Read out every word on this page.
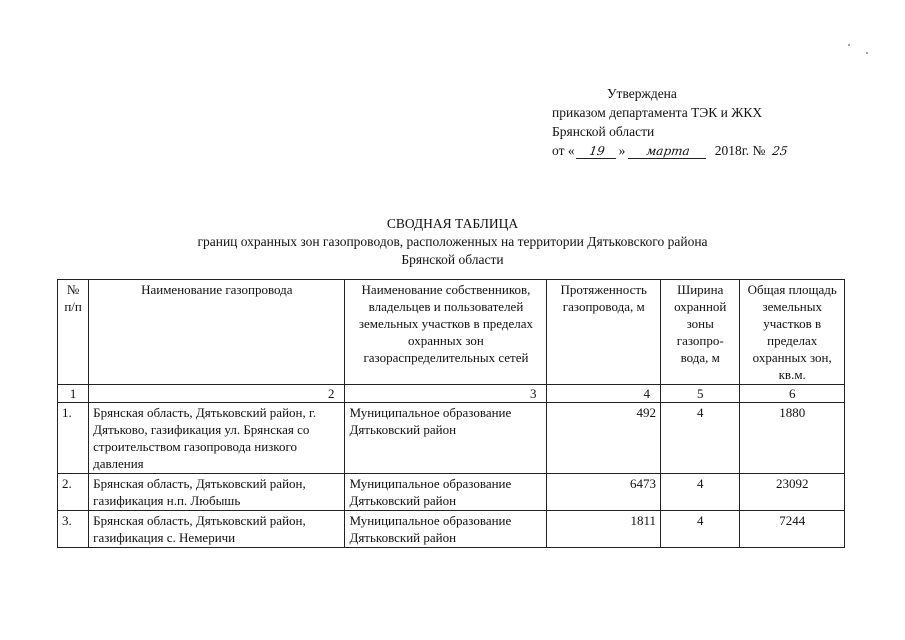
Утверждена
приказом департамента ТЭК и ЖКХ
Брянской области
от « 19 » марта 2018г. № 25
СВОДНАЯ ТАБЛИЦА
границ охранных зон газопроводов, расположенных на территории Дятьковского района
Брянской области
№ п/п	Наименование газопровода	Наименование собственников, владельцев и пользователей земельных участков в пределах охранных зон газораспределительных сетей	Протяженность газопровода, м	Ширина охранной зоны газопро-вода, м	Общая площадь земельных участков в пределах охранных зон, кв.м.
1	2	3	4	5	6
1.	Брянская область, Дятьковский район, г. Дятьково, газификация ул. Брянская со строительством газопровода низкого давления	Муниципальное образование Дятьковский район	492	4	1880
2.	Брянская область, Дятьковский район, газификация н.п. Любышь	Муниципальное образование Дятьковский район	6473	4	23092
3.	Брянская область, Дятьковский район, газификация с. Немеричи	Муниципальное образование Дятьковский район	1811	4	7244
